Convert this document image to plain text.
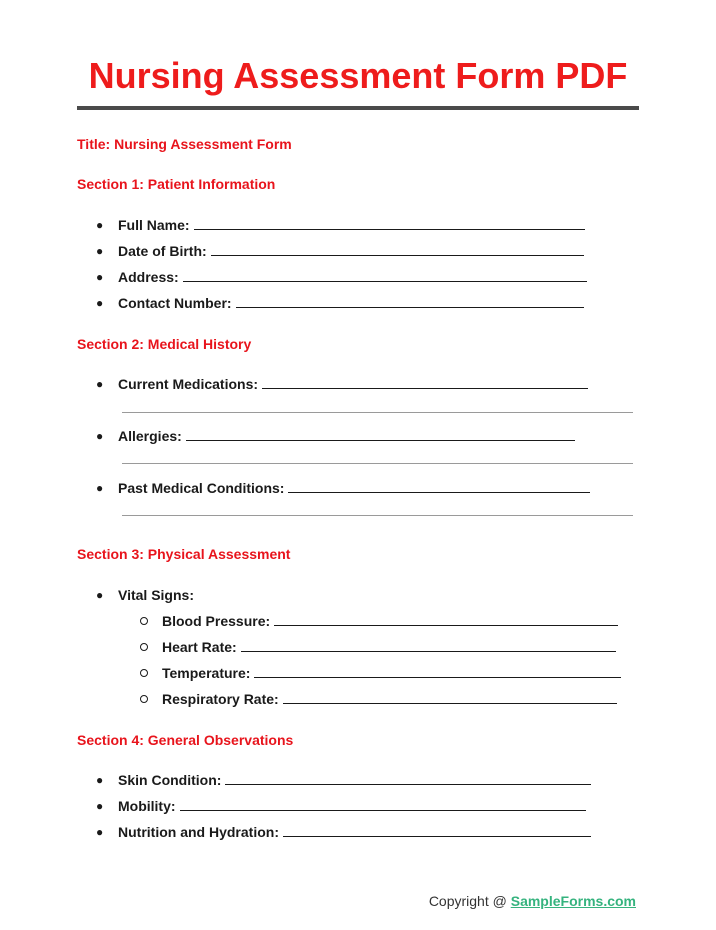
Nursing Assessment Form PDF
Title: Nursing Assessment Form
Section 1: Patient Information
● Full Name:
● Date of Birth:
● Address:
● Contact Number:
Section 2: Medical History
● Current Medications:
● Allergies:
● Past Medical Conditions:
Section 3: Physical Assessment
● Vital Signs:
Blood Pressure:
Heart Rate:
Temperature:
Respiratory Rate:
Section 4: General Observations
● Skin Condition:
● Mobility:
● Nutrition and Hydration:
Copyright @ SampleForms.com
